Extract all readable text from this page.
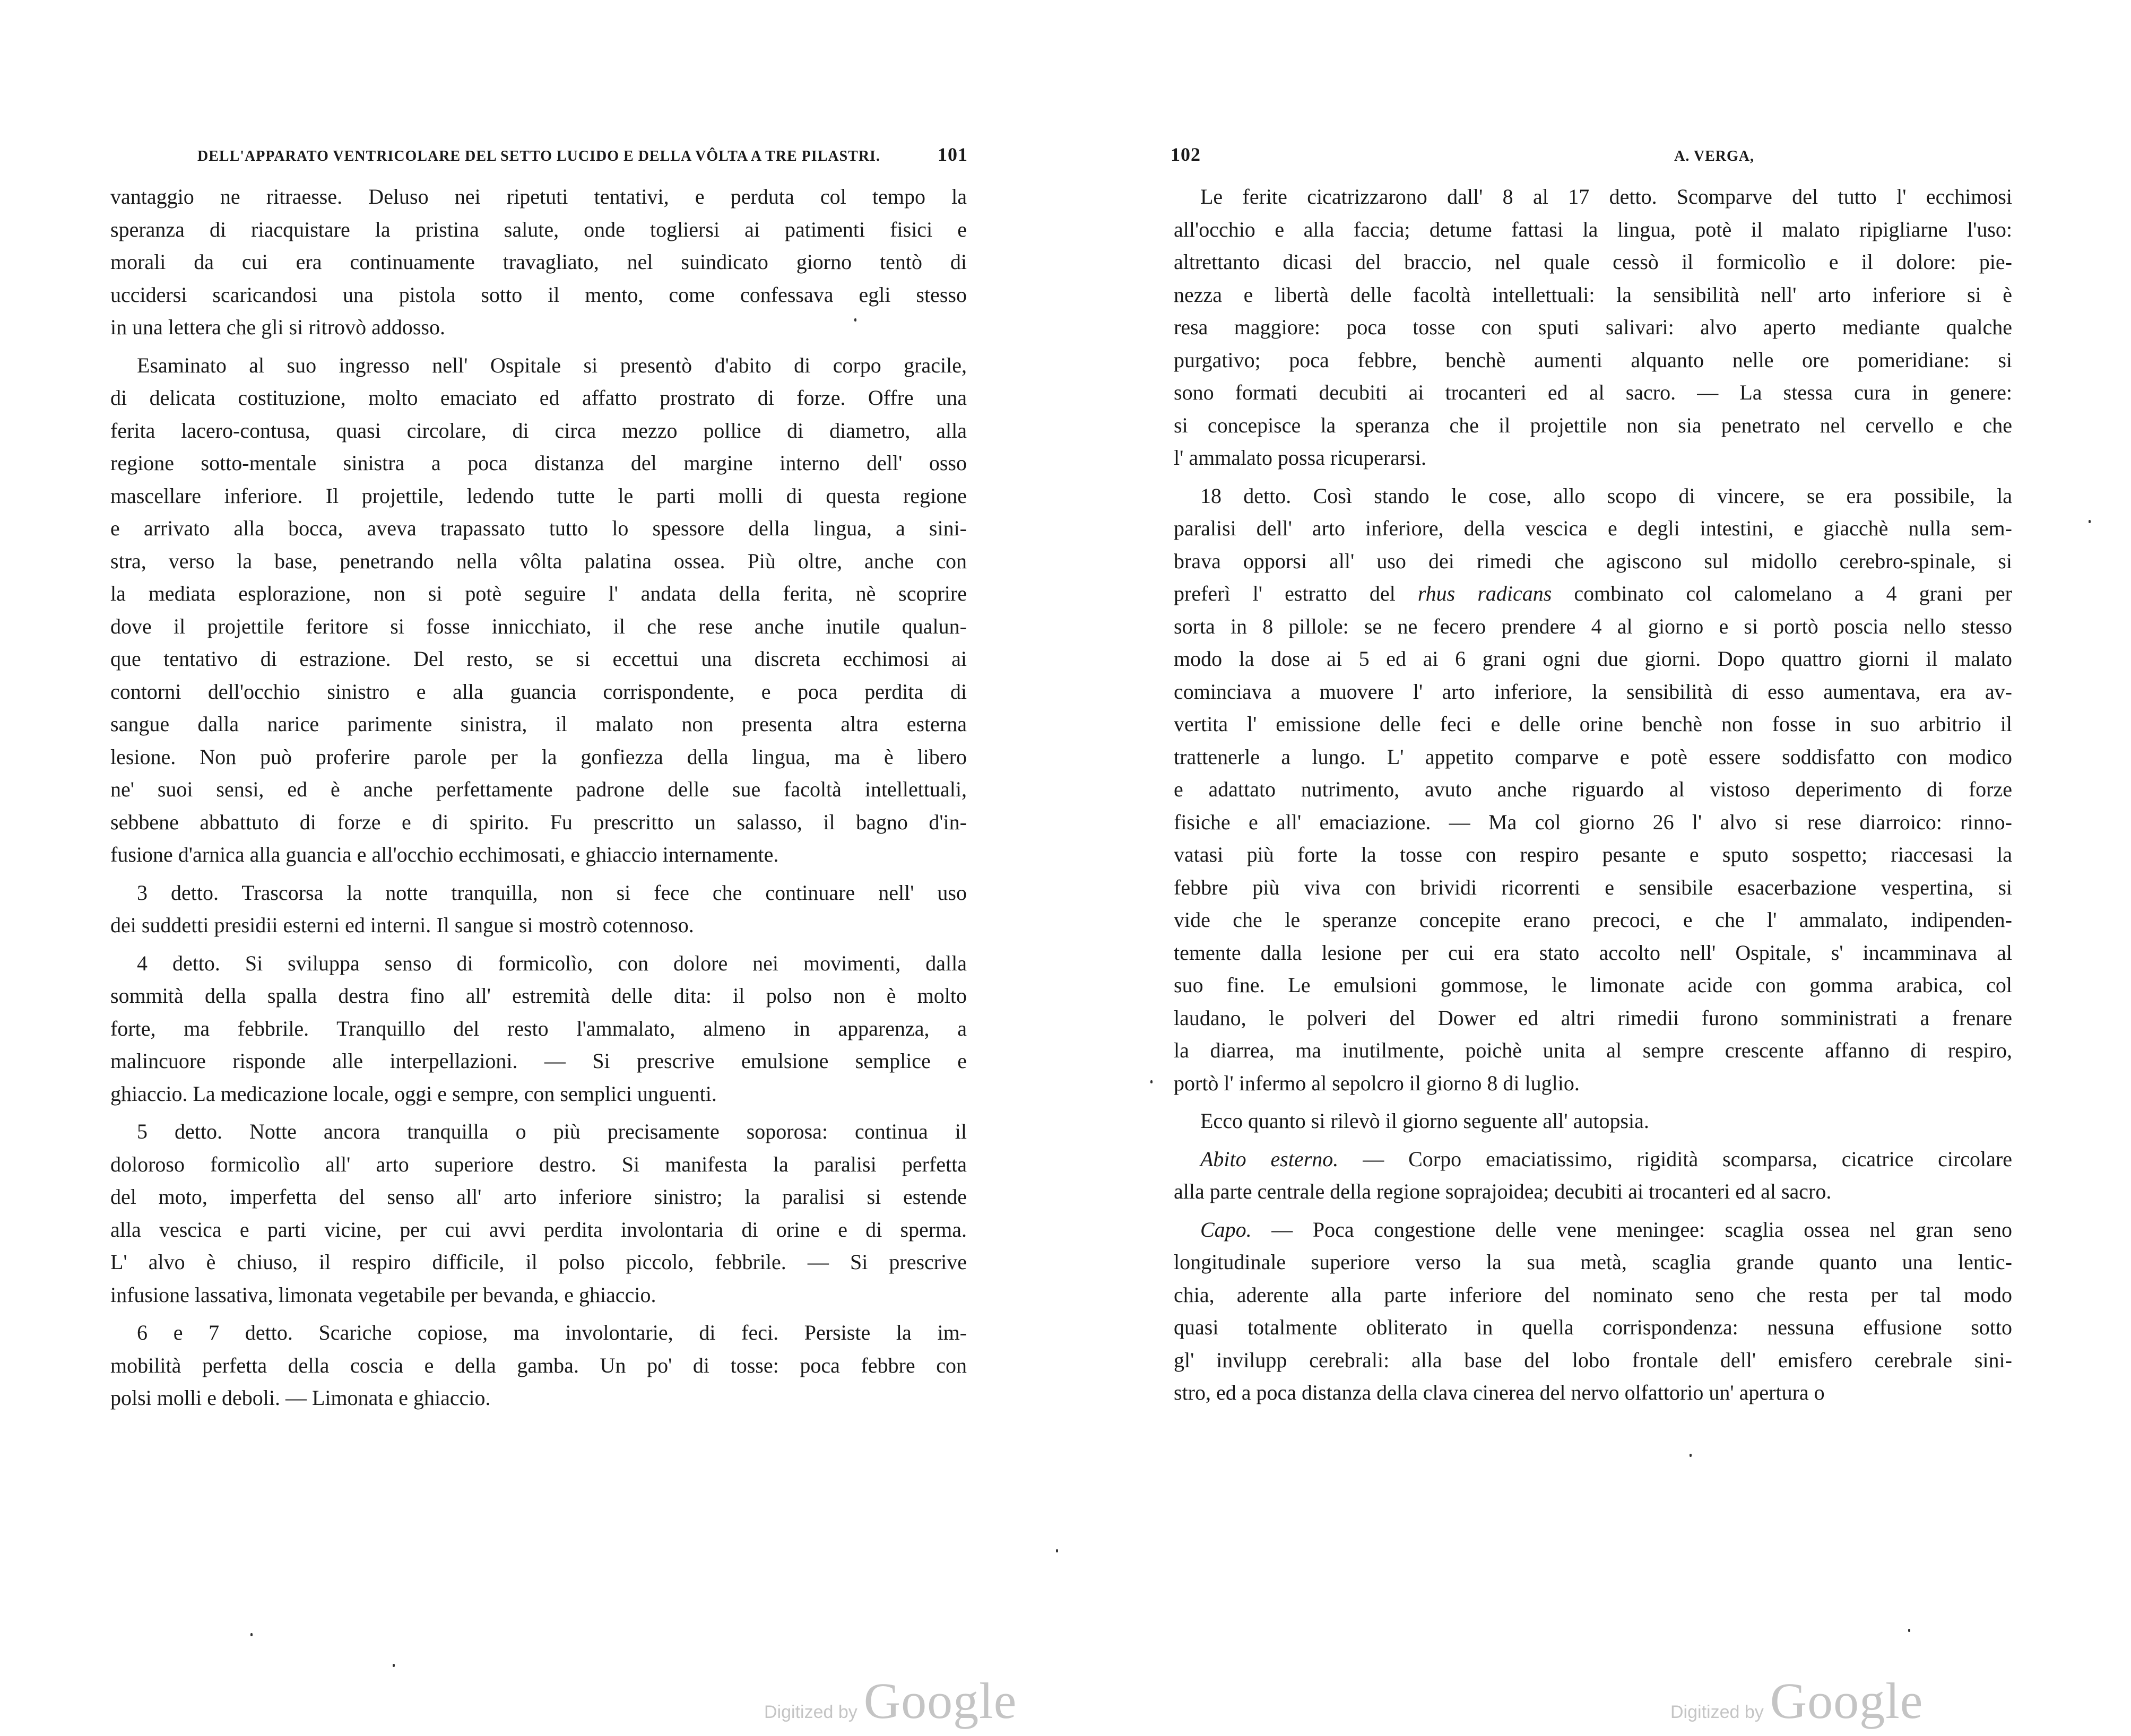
DELL'APPARATO VENTRICOLARE DEL SETTO LUCIDO E DELLA VÔLTA A TRE PILASTRI.	101
vantaggio ne ritraesse. Deluso nei ripetuti tentativi, e perduta col tempo la
speranza di riacquistare la pristina salute, onde togliersi ai patimenti fisici e
morali da cui era continuamente travagliato, nel suindicato giorno tentò di
uccidersi scaricandosi una pistola sotto il mento, come confessava egli stesso
in una lettera che gli si ritrovò addosso.
Esaminato al suo ingresso nell' Ospitale si presentò d'abito di corpo gracile,
di delicata costituzione, molto emaciato ed affatto prostrato di forze. Offre una
ferita lacero-contusa, quasi circolare, di circa mezzo pollice di diametro, alla
regione sotto-mentale sinistra a poca distanza del margine interno dell' osso
mascellare inferiore. Il projettile, ledendo tutte le parti molli di questa regione
e arrivato alla bocca, aveva trapassato tutto lo spessore della lingua, a sini-
stra, verso la base, penetrando nella vôlta palatina ossea. Più oltre, anche con
la mediata esplorazione, non si potè seguire l' andata della ferita, nè scoprire
dove il projettile feritore si fosse innicchiato, il che rese anche inutile qualun-
que tentativo di estrazione. Del resto, se si eccettui una discreta ecchimosi ai
contorni dell'occhio sinistro e alla guancia corrispondente, e poca perdita di
sangue dalla narice parimente sinistra, il malato non presenta altra esterna
lesione. Non può proferire parole per la gonfiezza della lingua, ma è libero
ne' suoi sensi, ed è anche perfettamente padrone delle sue facoltà intellettuali,
sebbene abbattuto di forze e di spirito. Fu prescritto un salasso, il bagno d'in-
fusione d'arnica alla guancia e all'occhio ecchimosati, e ghiaccio internamente.
3 detto. Trascorsa la notte tranquilla, non si fece che continuare nell' uso
dei suddetti presidii esterni ed interni. Il sangue si mostrò cotennoso.
4 detto. Si sviluppa senso di formicolìo, con dolore nei movimenti, dalla
sommità della spalla destra fino all' estremità delle dita: il polso non è molto
forte, ma febbrile. Tranquillo del resto l'ammalato, almeno in apparenza, a
malincuore risponde alle interpellazioni. — Si prescrive emulsione semplice e
ghiaccio. La medicazione locale, oggi e sempre, con semplici unguenti.
5 detto. Notte ancora tranquilla o più precisamente soporosa: continua il
doloroso formicolìo all' arto superiore destro. Si manifesta la paralisi perfetta
del moto, imperfetta del senso all' arto inferiore sinistro; la paralisi si estende
alla vescica e parti vicine, per cui avvi perdita involontaria di orine e di sperma.
L' alvo è chiuso, il respiro difficile, il polso piccolo, febbrile. — Si prescrive
infusione lassativa, limonata vegetabile per bevanda, e ghiaccio.
6 e 7 detto. Scariche copiose, ma involontarie, di feci. Persiste la im-
mobilità perfetta della coscia e della gamba. Un po' di tosse: poca febbre con
polsi molli e deboli. — Limonata e ghiaccio.
Digitized by Google
102	A. VERGA,
Le ferite cicatrizzarono dall' 8 al 17 detto. Scomparve del tutto l' ecchimosi
all'occhio e alla faccia; detume fattasi la lingua, potè il malato ripigliarne l'uso:
altrettanto dicasi del braccio, nel quale cessò il formicolìo e il dolore: pie-
nezza e libertà delle facoltà intellettuali: la sensibilità nell' arto inferiore si è
resa maggiore: poca tosse con sputi salivari: alvo aperto mediante qualche
purgativo; poca febbre, benchè aumenti alquanto nelle ore pomeridiane: si
sono formati decubiti ai trocanteri ed al sacro. — La stessa cura in genere:
si concepisce la speranza che il projettile non sia penetrato nel cervello e che
l' ammalato possa ricuperarsi.
18 detto. Così stando le cose, allo scopo di vincere, se era possibile, la
paralisi dell' arto inferiore, della vescica e degli intestini, e giacchè nulla sem-
brava opporsi all' uso dei rimedi che agiscono sul midollo cerebro-spinale, si
preferì l' estratto del rhus radicans combinato col calomelano a 4 grani per
sorta in 8 pillole: se ne fecero prendere 4 al giorno e si portò poscia nello stesso
modo la dose ai 5 ed ai 6 grani ogni due giorni. Dopo quattro giorni il malato
cominciava a muovere l' arto inferiore, la sensibilità di esso aumentava, era av-
vertita l' emissione delle feci e delle orine benchè non fosse in suo arbitrio il
trattenerle a lungo. L' appetito comparve e potè essere soddisfatto con modico
e adattato nutrimento, avuto anche riguardo al vistoso deperimento di forze
fisiche e all' emaciazione. — Ma col giorno 26 l' alvo si rese diarroico: rinno-
vatasi più forte la tosse con respiro pesante e sputo sospetto; riaccesasi la
febbre più viva con brividi ricorrenti e sensibile esacerbazione vespertina, si
vide che le speranze concepite erano precoci, e che l' ammalato, indipenden-
temente dalla lesione per cui era stato accolto nell' Ospitale, s' incamminava al
suo fine. Le emulsioni gommose, le limonate acide con gomma arabica, col
laudano, le polveri del Dower ed altri rimedii furono somministrati a frenare
la diarrea, ma inutilmente, poichè unita al sempre crescente affanno di respiro,
portò l' infermo al sepolcro il giorno 8 di luglio.
Ecco quanto si rilevò il giorno seguente all' autopsia.
Abito esterno. — Corpo emaciatissimo, rigidità scomparsa, cicatrice circolare
alla parte centrale della regione soprajoidea; decubiti ai trocanteri ed al sacro.
Capo. — Poca congestione delle vene meningee: scaglia ossea nel gran seno
longitudinale superiore verso la sua metà, scaglia grande quanto una lentic-
chia, aderente alla parte inferiore del nominato seno che resta per tal modo
quasi totalmente obliterato in quella corrispondenza: nessuna effusione sotto
gl' invilupp cerebrali: alla base del lobo frontale dell' emisfero cerebrale sini-
stro, ed a poca distanza della clava cinerea del nervo olfattorio un' apertura o
Digitized by Google
